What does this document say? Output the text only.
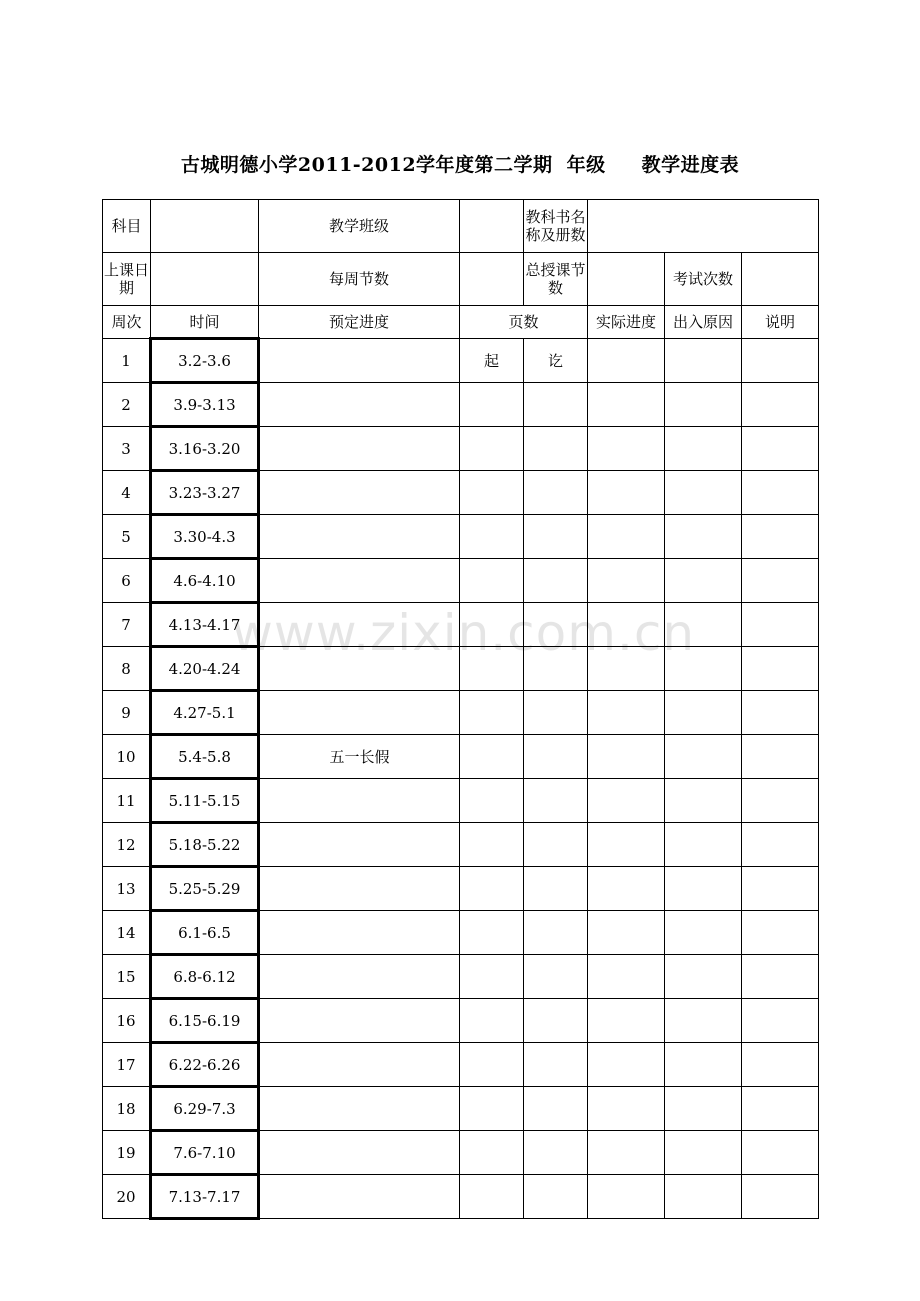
古城明德小学2011-2012学年度第二学期 年级 教学进度表
科目		教学班级		教科书名称及册数			
上课日期		每周节数		总授课节数		考试次数	
周次	时间	预定进度	页数		实际进度	出入原因	说明
1	3.2-3.6		起	讫			
2	3.9-3.13						
3	3.16-3.20						
4	3.23-3.27						
5	3.30-4.3						
6	4.6-4.10						
7	4.13-4.17						
8	4.20-4.24						
9	4.27-5.1						
10	5.4-5.8	五一长假					
11	5.11-5.15						
12	5.18-5.22						
13	5.25-5.29						
14	6.1-6.5						
15	6.8-6.12						
16	6.15-6.19						
17	6.22-6.26						
18	6.29-7.3						
19	7.6-7.10						
20	7.13-7.17						
www.zixin.com.cn
